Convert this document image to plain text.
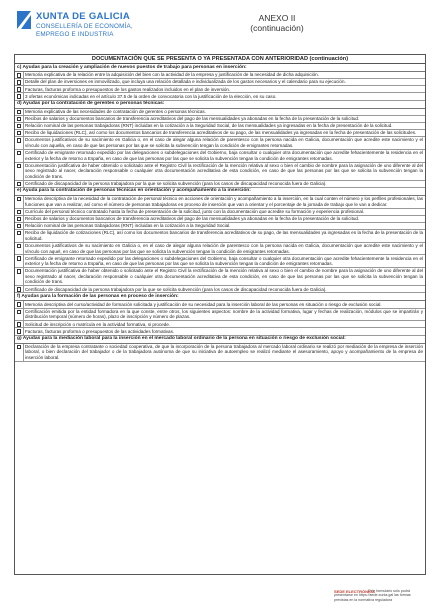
XUNTA DE GALICIA
CONSELLERÍA DE ECONOMÍA,
EMPREGO E INDUSTRIA
ANEXO II
(continuación)
DOCUMENTACIÓN QUE SE PRESENTA O YA PRESENTADA CON ANTERIORIDAD (continuación)
c) Ayudas para la creación y ampliación de nuevos puestos de trabajo para personas en inserción:
Memoria explicativa de la relación entre la adquisición del bien con la actividad de la empresa y justificación de la necesidad de dicha adquisición.
Detalle del plan de inversiones en inmovilizado, que incluya una relación detallada e individualizada de los gastos necesarios y el calendario para su ejecución.
Facturas, facturas proforma o presupuestos de los gastos realizados incluidos en el plan de inversión.
3 ofertas económicas indicadas en el artículo 37.5 de la orden de convocatoria con la justificación de la elección, en su caso.
d) Ayudas por la contratación de gerentes o personas técnicas:
Memoria explicativa de las necesidades de contratación de gerentes o personas técnicas.
Recibos de salarios y documentos bancarios de transferencia acreditativos del pago de las mensualidades ya abonadas en la fecha de la presentación de la solicitud.
Relación nominal de las personas trabajadoras (RNT) incluidas en la cotización a la Seguridad Social, de las mensualidades ya ingresadas en la fecha de presentación de la solicitud.
Recibo de liquidaciones (RLC), así como los documentos bancarios de transferencia acreditativos de su pago, de las mensualidades ya ingresadas en la fecha de presentación de las solicitudes.
Documentos justificativos de su nacimiento en Galicia o, en el caso de alegar alguna relación de parentesco con la persona nacida en Galicia, documentación que acredite este nacimiento y el vínculo con aquella, en caso de que las personas por las que se solicita la subvención tengan la condición de emigrantes retornadas.
Certificado de emigrante retornado expedido por las delegaciones o subdelegaciones del Gobierno, baja consultar o cualquier otra documentación que acredite fehacientemente la residencia en el exterior y la fecha de retorno a España, en caso de que las personas por las que se solicita la subvención tengan la condición de emigrantes retornadas.
Documentación justificativa de haber obtenido o solicitado ante el Registro Civil la rectificación de la mención relativa al sexo o bien el cambio de nombre para la asignación de uno diferente al del sexo registrado al nacer, declaración responsable o cualquier otra documentación acreditativa de esta condición, en caso de que las personas por las que se solicita la subvención tengan la condición de trans.
Certificado de discapacidad de la persona trabajadora por la que se solicita subvención (para los casos de discapacidad reconocida fuera de Galicia).
e) Ayuda para la contratación de personas técnicas en orientación y acompañamiento a la inserción:
Memoria descriptiva de la necesidad de la contratación de personal técnico en acciones de orientación y acompañamiento a la inserción, en la cual conten el número y los perfiles profesionales, las funciones que van a realizar, así como el número de personas trabajadoras en proceso de inserción que van a orientar y el porcentaje de la jornada de trabajo que le van a dedicar.
Currículo del personal técnico contratado hasta la fecha de presentación de la solicitud, junto con la documentación que acredite su formación y experiencia profesional.
Recibos de salarios y documentos bancarios de transferencia acreditativos del pago de las mensualidades ya abonadas en la fecha de la presentación de la solicitud.
Relación nominal de las personas trabajadoras (RNT) incluidas en la cotización a la Seguridad Social.
Recibo de liquidación de cotizaciones (RLC), así como los documentos bancarios de transferencia acreditativos de su pago, de las mensualidades ya ingresadas en la fecha de la presentación de la solicitud.
Documentos justificativos de su nacimiento en Galicia o, en el caso de alegar alguna relación de parentesco con la persona nacida en Galicia, documentación que acredite este nacimiento y el vínculo con aquel, en caso de que las personas por las que se solicita la subvención tengan la condición de emigrantes retornadas.
Certificado de emigrante retornado expedido por las delegaciones o subdelegaciones del Gobierno, baja consultar o cualquier otra documentación que acredite fehacientemente la residencia en el exterior y la fecha de retorno a España, en caso de que las personas por las que se solicita la subvención tengan la condición de emigrantes retornadas.
Documentación justificativa de haber obtenido o solicitado ante el Registro Civil la rectificación de la mención relativa al sexo o bien el cambio de nombre para la asignación de uno diferente al del sexo registrado al nacer, declaración responsable o cualquier otra documentación acreditativa de esta condición, en caso de que las personas por las que se solicita la subvención tengan la condición de trans.
Certificado de discapacidad de la persona trabajadora por la que se solicita subvención (para los casos de discapacidad reconocida fuera de Galicia).
f) Ayudas para la formación de las personas en proceso de inserción:
Memoria descriptiva del curso/actividad de formación solicitada y justificación de su necesidad para la inserción laboral de las personas en situación o riesgo de exclusión social.
Certificación emitida por la entidad formadora en la que conste, entre otros, los siguientes aspectos: nombre de la actividad formativa, lugar y fechas de realización, módulos que se impartirán y distribución temporal (número de horas), plazo de inscripción y número de plazas.
Solicitud de inscripción o matrícula en la actividad formativa, si procede.
Facturas, facturas proforma o presupuestos de las actividades formativas.
g) Ayudas para la mediación laboral para la inserción en el mercado laboral ordinario de la persona en situación o riesgo de exclusión social:
Declaración de la empresa contratante o sociedad cooperativa, de que la incorporación de la persona trabajadora al mercado laboral ordinario se realizó por mediación de la empresa de inserción laboral, o bien declaración del trabajador o de la trabajadora autónoma de que su iniciativa de autoempleo se realizó mediante el asesoramiento, apoyo y acompañamiento de la empresa de inserción laboral.
Este formulario sólo podrá presentarse en https://sede.xunta.gal las formas previstas en la normativa reguladora
SEDE ELECTRÓNICA
